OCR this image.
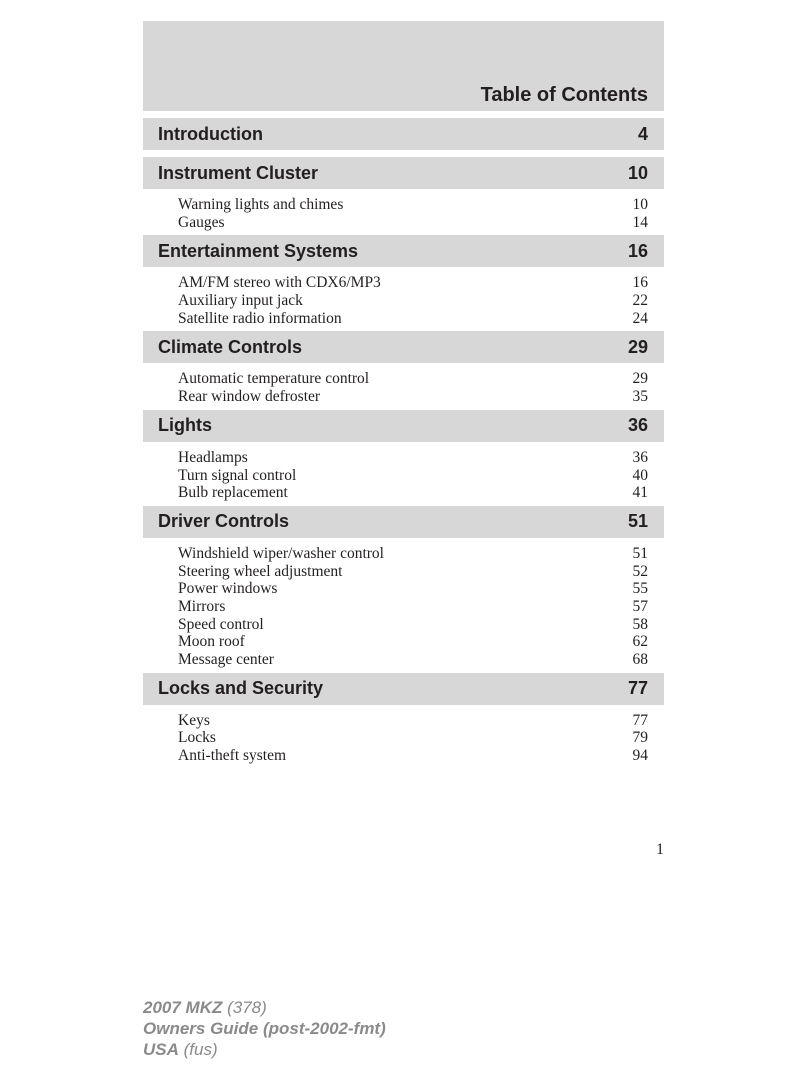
Table of Contents
Introduction	4
Instrument Cluster	10
Warning lights and chimes	10
Gauges	14
Entertainment Systems	16
AM/FM stereo with CDX6/MP3	16
Auxiliary input jack	22
Satellite radio information	24
Climate Controls	29
Automatic temperature control	29
Rear window defroster	35
Lights	36
Headlamps	36
Turn signal control	40
Bulb replacement	41
Driver Controls	51
Windshield wiper/washer control	51
Steering wheel adjustment	52
Power windows	55
Mirrors	57
Speed control	58
Moon roof	62
Message center	68
Locks and Security	77
Keys	77
Locks	79
Anti-theft system	94
1
2007 MKZ (378)
Owners Guide (post-2002-fmt)
USA (fus)
